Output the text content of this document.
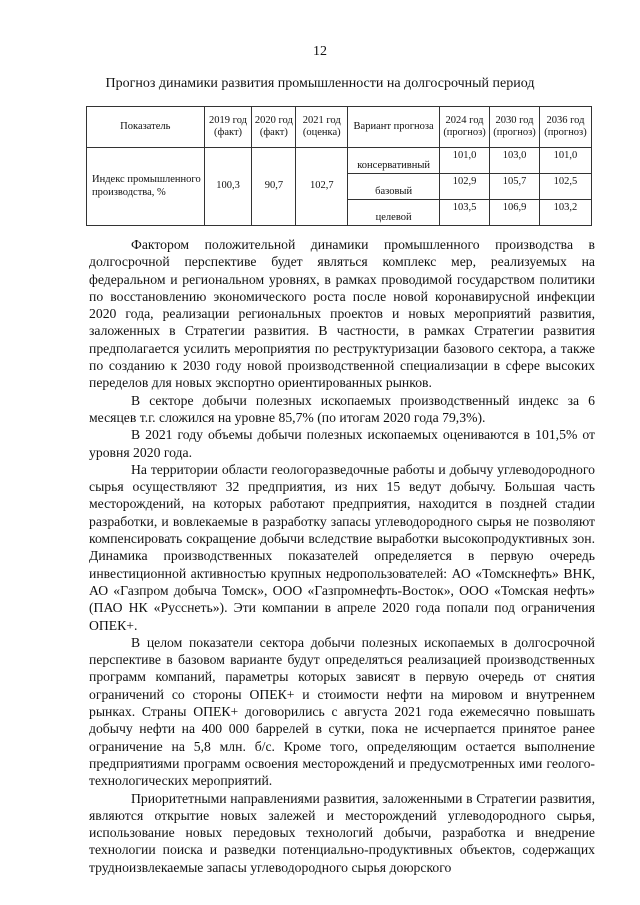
12
Прогноз динамики развития промышленности на долгосрочный период
Показатель	2019 год (факт)	2020 год (факт)	2021 год (оценка)	Вариант прогноза	2024 год (прогноз)	2030 год (прогноз)	2036 год (прогноз)
Индекс промышленного производства, %	100,3	90,7	102,7	консервативный	101,0	103,0	101,0
				базовый	102,9	105,7	102,5
				целевой	103,5	106,9	103,2

Фактором положительной динамики промышленного производства в долгосрочной перспективе будет являться комплекс мер, реализуемых на федеральном и региональном уровнях, в рамках проводимой государством политики по восстановлению экономического роста после новой коронавирусной инфекции 2020 года, реализации региональных проектов и новых мероприятий развития, заложенных в Стратегии развития. В частности, в рамках Стратегии развития предполагается усилить мероприятия по реструктуризации базового сектора, а также по созданию к 2030 году новой производственной специализации в сфере высоких переделов для новых экспортно ориентированных рынков.

В секторе добычи полезных ископаемых производственный индекс за 6 месяцев т.г. сложился на уровне 85,7% (по итогам 2020 года 79,3%).

В 2021 году объемы добычи полезных ископаемых оцениваются в 101,5% от уровня 2020 года.

На территории области геологоразведочные работы и добычу углеводородного сырья осуществляют 32 предприятия, из них 15 ведут добычу. Большая часть месторождений, на которых работают предприятия, находится в поздней стадии разработки, и вовлекаемые в разработку запасы углеводородного сырья не позволяют компенсировать сокращение добычи вследствие выработки высокопродуктивных зон. Динамика производственных показателей определяется в первую очередь инвестиционной активностью крупных недропользователей: АО «Томскнефть» ВНК, АО «Газпром добыча Томск», ООО «Газпромнефть-Восток», ООО «Томская нефть» (ПАО НК «Русснеть»). Эти компании в апреле 2020 года попали под ограничения ОПЕК+.

В целом показатели сектора добычи полезных ископаемых в долгосрочной перспективе в базовом варианте будут определяться реализацией производственных программ компаний, параметры которых зависят в первую очередь от снятия ограничений со стороны ОПЕК+ и стоимости нефти на мировом и внутреннем рынках. Страны ОПЕК+ договорились с августа 2021 года ежемесячно повышать добычу нефти на 400 000 баррелей в сутки, пока не исчерпается принятое ранее ограничение на 5,8 млн. б/с. Кроме того, определяющим остается выполнение предприятиями программ освоения месторождений и предусмотренных ими геолого-технологических мероприятий.

Приоритетными направлениями развития, заложенными в Стратегии развития, являются открытие новых залежей и месторождений углеводородного сырья, использование новых передовых технологий добычи, разработка и внедрение технологии поиска и разведки потенциально-продуктивных объектов, содержащих трудноизвлекаемые запасы углеводородного сырья доюрского
